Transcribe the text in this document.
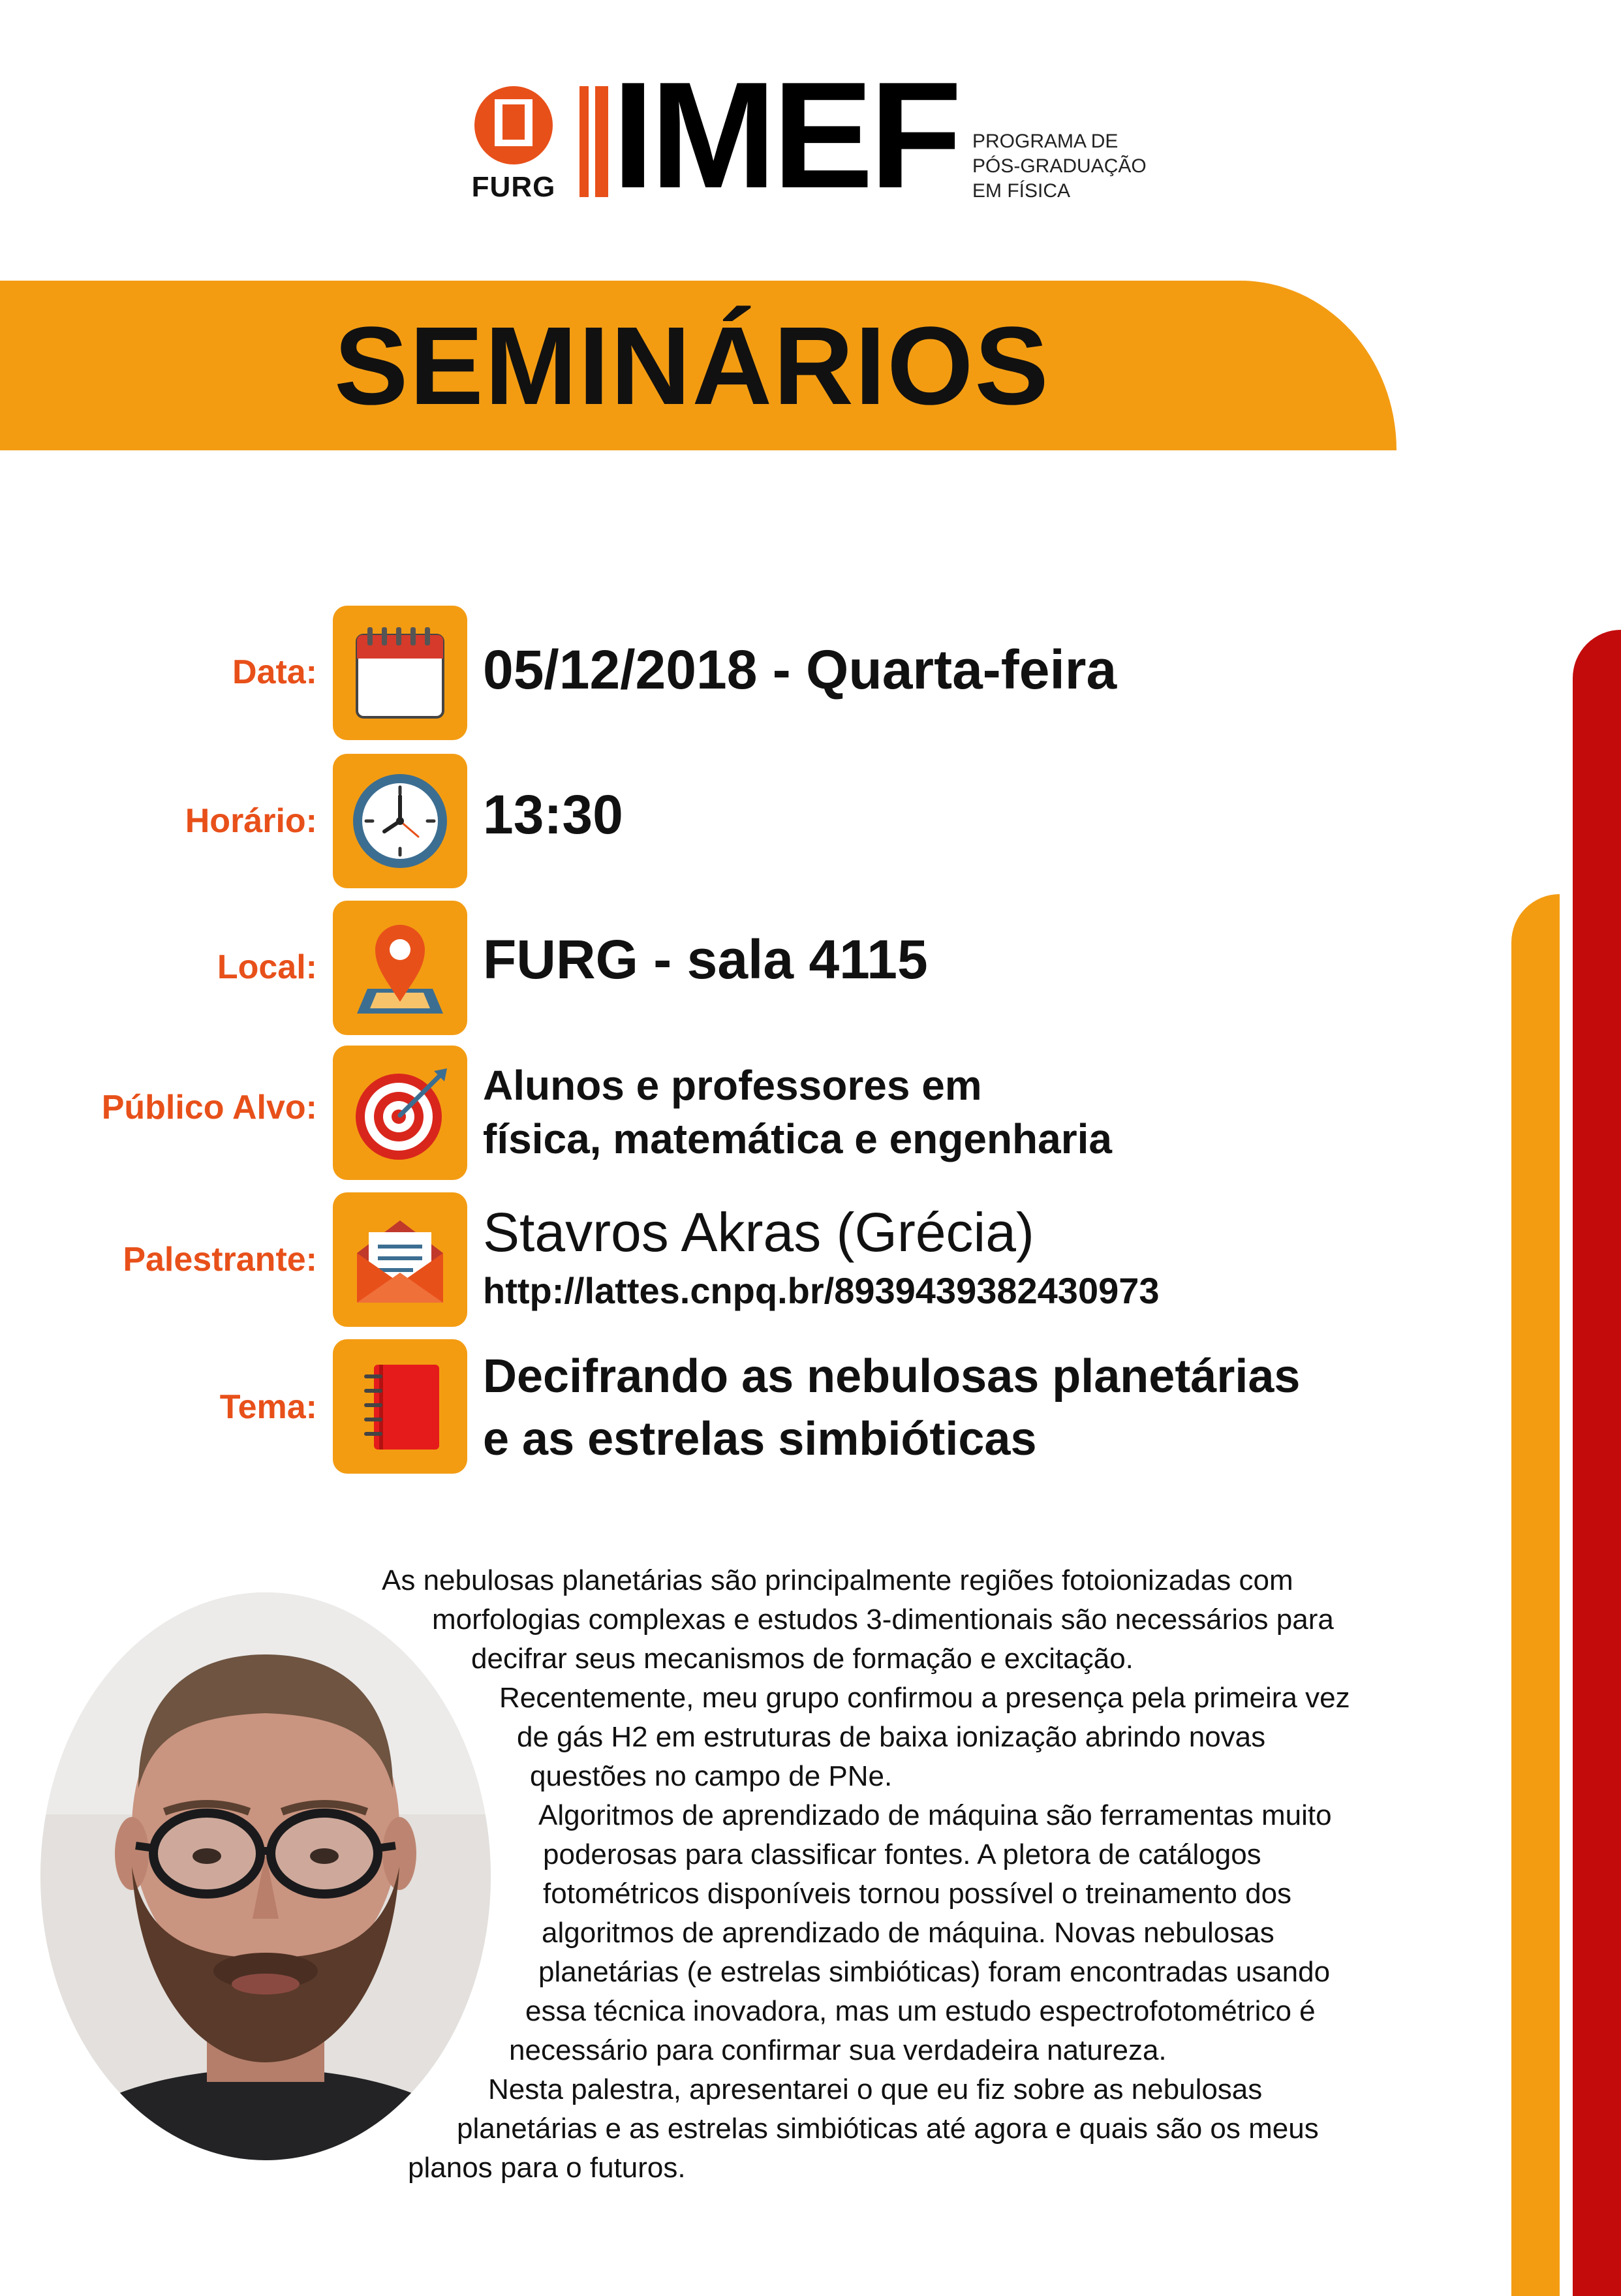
FURG IMEF PROGRAMA DE
PÓS-GRADUAÇÃO
EM FÍSICA
SEMINÁRIOS
Data:	05/12/2018 - Quarta-feira
Horário:	13:30
Local:	FURG - sala 4115
Público Alvo:	Alunos e professores em
física, matemática e engenharia
Palestrante:	Stavros Akras (Grécia)
http://lattes.cnpq.br/8939439382430973
Tema:
Decifrando as nebulosas planetárias
e as estrelas simbióticas
As nebulosas planetárias são principalmente regiões fotoionizadas com
morfologias complexas e estudos 3-dimentionais são necessários para
decifrar seus mecanismos de formação e excitação.
Recentemente, meu grupo confirmou a presença pela primeira vez
de gás H2 em estruturas de baixa ionização abrindo novas
questões no campo de PNe.
Algoritmos de aprendizado de máquina são ferramentas muito
poderosas para classificar fontes. A pletora de catálogos
fotométricos disponíveis tornou possível o treinamento dos
algoritmos de aprendizado de máquina. Novas nebulosas
planetárias (e estrelas simbióticas) foram encontradas usando
essa técnica inovadora, mas um estudo espectrofotométrico é
necessário para confirmar sua verdadeira natureza.
Nesta palestra, apresentarei o que eu fiz sobre as nebulosas
planetárias e as estrelas simbióticas até agora e quais são os meus
planos para o futuros.
